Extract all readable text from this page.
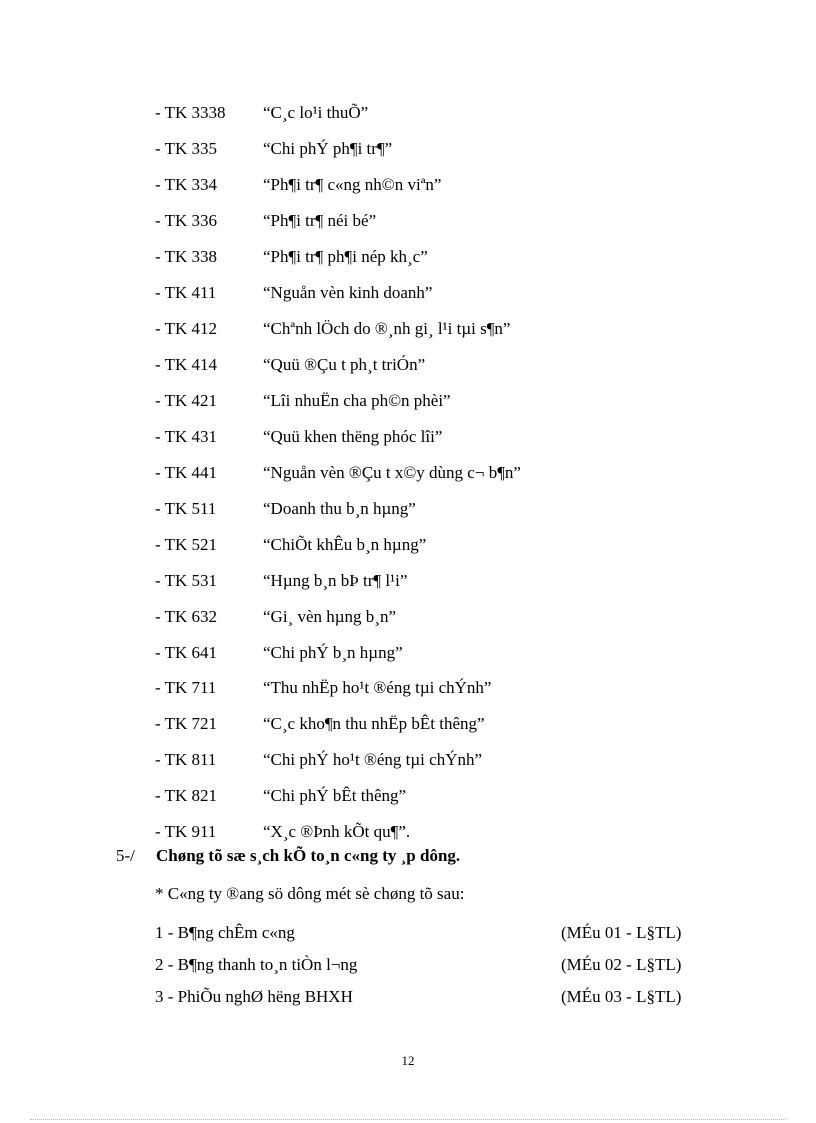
- TK 3338	“C¸c lo¹i thuÕ”
- TK 335	“Chi phÝ ph¶i tr¶”
- TK 334	“Ph¶i tr¶ c«ng nh©n viªn”
- TK 336	“Ph¶i tr¶ néi bé”
- TK 338	“Ph¶i tr¶ ph¶i nép kh¸c”
- TK 411	“Nguån vèn kinh doanh”
- TK 412	“Chªnh lÖch do ®¸nh gi¸ l¹i tµi s¶n”
- TK 414	“Quü ®Çu t ph¸t triÓn”
- TK 421	“Lîi nhuËn cha ph©n phèi”
- TK 431	“Quü khen thëng phóc lîi”
- TK 441	“Nguån vèn ®Çu t x©y dùng c¬ b¶n”
- TK 511	“Doanh thu b¸n hµng”
- TK 521	“ChiÕt khÊu b¸n hµng”
- TK 531	“Hµng b¸n bÞ tr¶ l¹i”
- TK 632	“Gi¸ vèn hµng b¸n”
- TK 641	“Chi phÝ b¸n hµng”
- TK 711	“Thu nhËp ho¹t ®éng tµi chÝnh”
- TK 721	“C¸c kho¶n thu nhËp bÊt thêng”
- TK 811	“Chi phÝ ho¹t ®éng tµi chÝnh”
- TK 821	“Chi phÝ bÊt thêng”
- TK 911	“X¸c ®Þnh kÕt qu¶”.
5-/	Chøng tõ sæ s¸ch kÕ to¸n c«ng ty ¸p dông.
* C«ng ty ®ang sö dông mét sè chøng tõ sau:
1 - B¶ng chÊm c«ng	(MÉu 01 - L§TL)
2 - B¶ng thanh to¸n tiÒn l¬ng	(MÉu 02 - L§TL)
3 - PhiÕu nghØ hëng BHXH	(MÉu 03 - L§TL)
12
